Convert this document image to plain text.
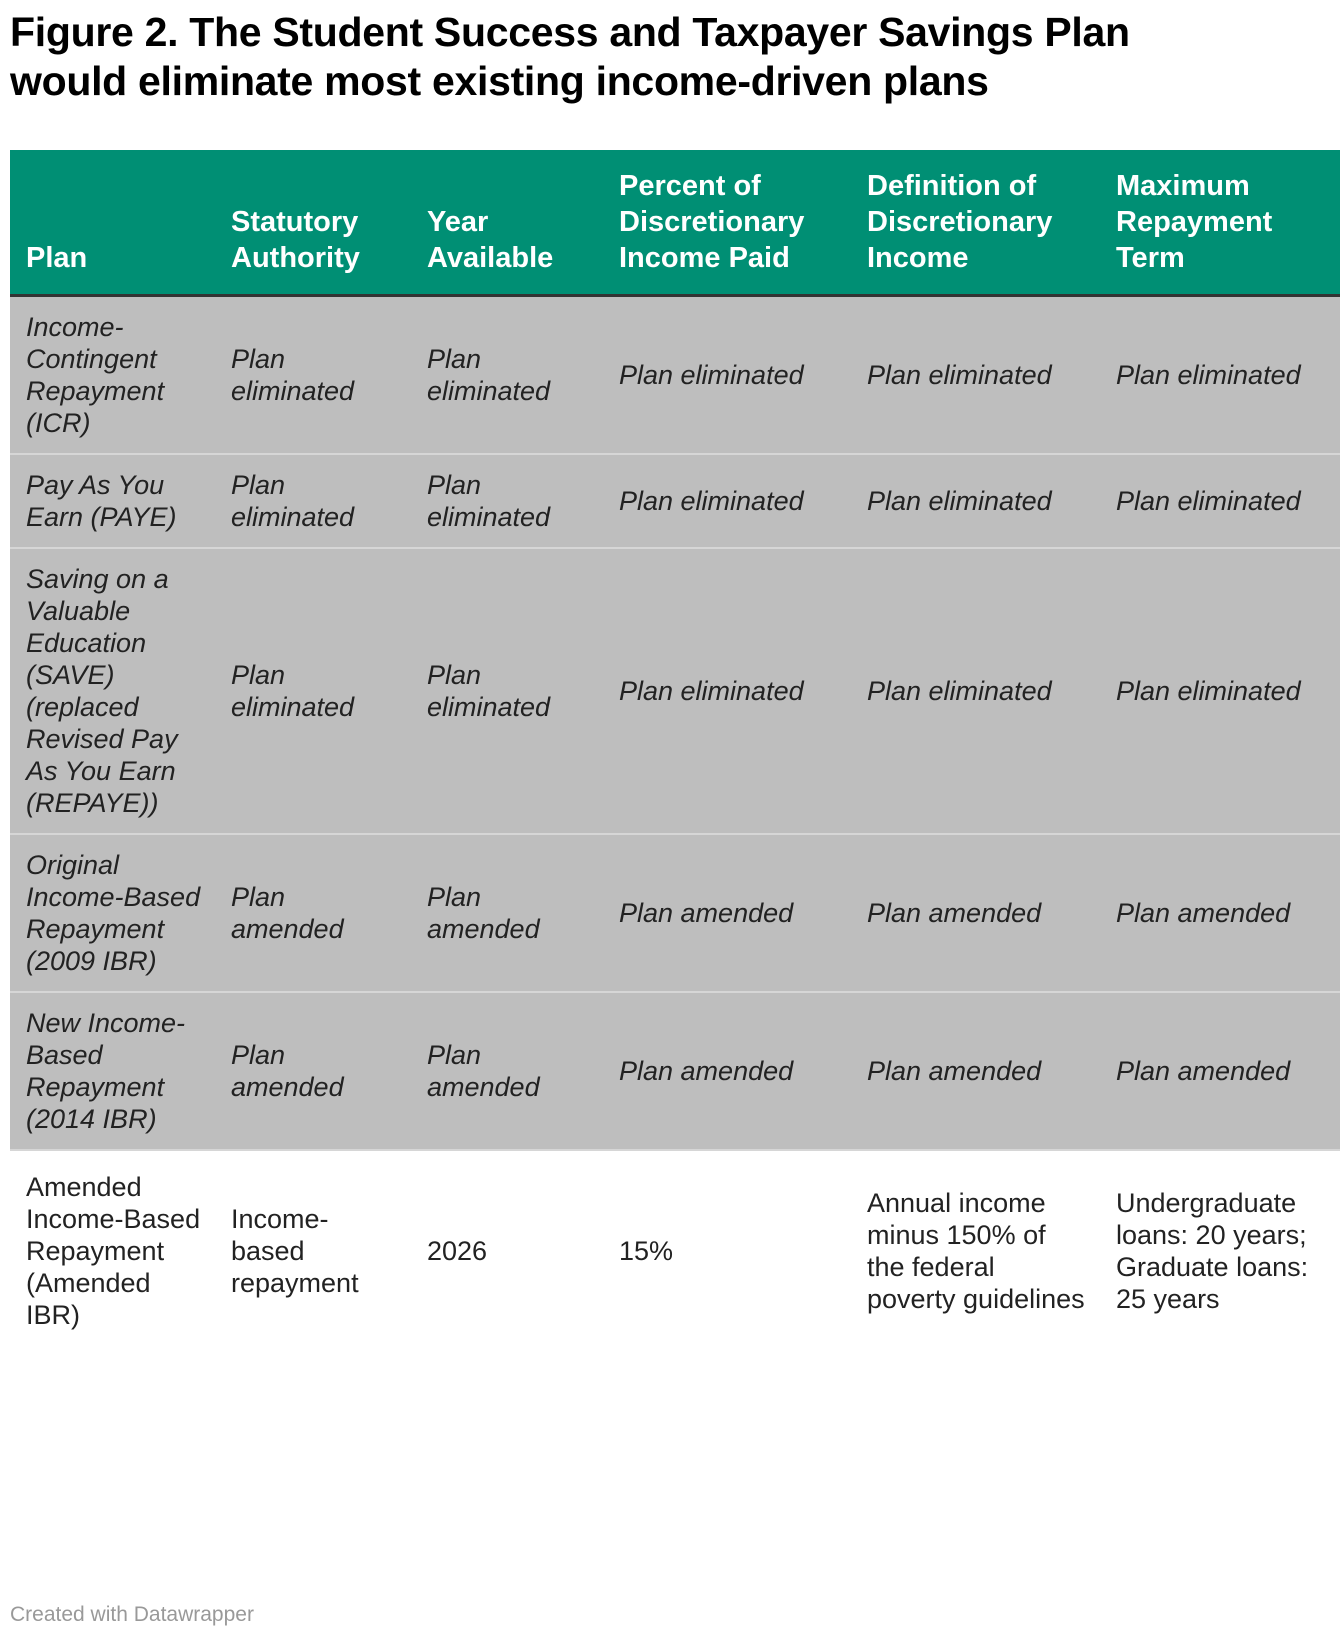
Figure 2. The Student Success and Taxpayer Savings Plan would eliminate most existing income-driven plans
Plan	Statutory Authority	Year Available	Percent of Discretionary Income Paid	Definition of Discretionary Income	Maximum Repayment Term
Income-Contingent Repayment (ICR)	Plan eliminated	Plan eliminated	Plan eliminated	Plan eliminated	Plan eliminated
Pay As You Earn (PAYE)	Plan eliminated	Plan eliminated	Plan eliminated	Plan eliminated	Plan eliminated
Saving on a Valuable Education (SAVE) (replaced Revised Pay As You Earn (REPAYE))	Plan eliminated	Plan eliminated	Plan eliminated	Plan eliminated	Plan eliminated
Original Income-Based Repayment (2009 IBR)	Plan amended	Plan amended	Plan amended	Plan amended	Plan amended
New Income-Based Repayment (2014 IBR)	Plan amended	Plan amended	Plan amended	Plan amended	Plan amended
Amended Income-Based Repayment (Amended IBR)	Income-based repayment	2026	15%	Annual income minus 150% of the federal poverty guidelines	Undergraduate loans: 20 years; Graduate loans: 25 years
Created with Datawrapper
